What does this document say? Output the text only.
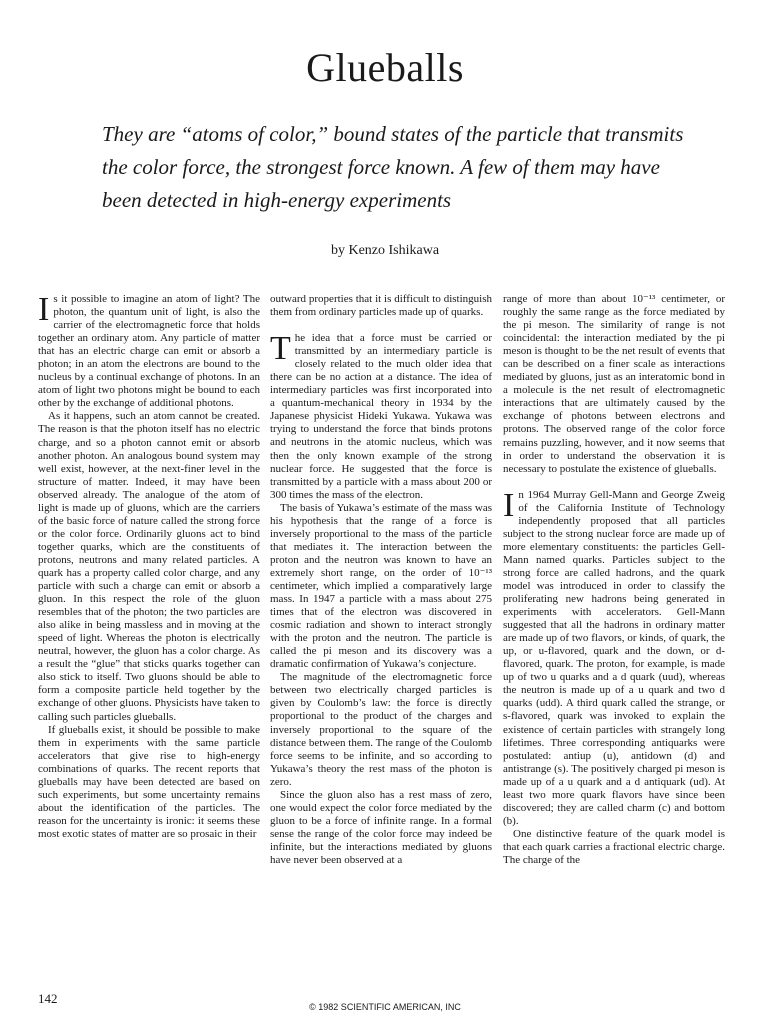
Glueballs

They are “atoms of color,” bound states of the particle that transmits the color force, the strongest force known. A few of them may have been detected in high-energy experiments

by Kenzo Ishikawa

Is it possible to imagine an atom of light? The photon, the quantum unit of light, is also the carrier of the electromagnetic force that holds together an ordinary atom. Any particle of matter that has an electric charge can emit or absorb a photon; in an atom the electrons are bound to the nucleus by a continual exchange of photons. In an atom of light two photons might be bound to each other by the exchange of additional photons.

As it happens, such an atom cannot be created. The reason is that the photon itself has no electric charge, and so a photon cannot emit or absorb another photon. An analogous bound system may well exist, however, at the next-finer level in the structure of matter. Indeed, it may have been observed already. The analogue of the atom of light is made up of gluons, which are the carriers of the basic force of nature called the strong force or the color force. Ordinarily gluons act to bind together quarks, which are the constituents of protons, neutrons and many related particles. A quark has a property called color charge, and any particle with such a charge can emit or absorb a gluon. In this respect the role of the gluon resembles that of the photon; the two particles are also alike in being massless and in moving at the speed of light. Whereas the photon is electrically neutral, however, the gluon has a color charge. As a result the “glue” that sticks quarks together can also stick to itself. Two gluons should be able to form a composite particle held together by the exchange of other gluons. Physicists have taken to calling such particles glueballs.

If glueballs exist, it should be possible to make them in experiments with the same particle accelerators that give rise to high-energy combinations of quarks. The recent reports that glueballs may have been detected are based on such experiments, but some uncertainty remains about the identification of the particles. The reason for the uncertainty is ironic: it seems these most exotic states of matter are so prosaic in their

outward properties that it is difficult to distinguish them from ordinary particles made up of quarks.

The idea that a force must be carried or transmitted by an intermediary particle is closely related to the much older idea that there can be no action at a distance. The idea of intermediary particles was first incorporated into a quantum-mechanical theory in 1934 by the Japanese physicist Hideki Yukawa. Yukawa was trying to understand the force that binds protons and neutrons in the atomic nucleus, which was then the only known example of the strong nuclear force. He suggested that the force is transmitted by a particle with a mass about 200 or 300 times the mass of the electron.

The basis of Yukawa’s estimate of the mass was his hypothesis that the range of a force is inversely proportional to the mass of the particle that mediates it. The interaction between the proton and the neutron was known to have an extremely short range, on the order of 10⁻¹³ centimeter, which implied a comparatively large mass. In 1947 a particle with a mass about 275 times that of the electron was discovered in cosmic radiation and shown to interact strongly with the proton and the neutron. The particle is called the pi meson and its discovery was a dramatic confirmation of Yukawa’s conjecture.

The magnitude of the electromagnetic force between two electrically charged particles is given by Coulomb’s law: the force is directly proportional to the product of the charges and inversely proportional to the square of the distance between them. The range of the Coulomb force seems to be infinite, and so according to Yukawa’s theory the rest mass of the photon is zero.

Since the gluon also has a rest mass of zero, one would expect the color force mediated by the gluon to be a force of infinite range. In a formal sense the range of the color force may indeed be infinite, but the interactions mediated by gluons have never been observed at a

range of more than about 10⁻¹³ centimeter, or roughly the same range as the force mediated by the pi meson. The similarity of range is not coincidental: the interaction mediated by the pi meson is thought to be the net result of events that can be described on a finer scale as interactions mediated by gluons, just as an interatomic bond in a molecule is the net result of electromagnetic interactions that are ultimately caused by the exchange of photons between electrons and protons. The observed range of the color force remains puzzling, however, and it now seems that in order to understand the observation it is necessary to postulate the existence of glueballs.

In 1964 Murray Gell-Mann and George Zweig of the California Institute of Technology independently proposed that all particles subject to the strong nuclear force are made up of more elementary constituents: the particles Gell-Mann named quarks. Particles subject to the strong force are called hadrons, and the quark model was introduced in order to classify the proliferating new hadrons being generated in experiments with accelerators. Gell-Mann suggested that all the hadrons in ordinary matter are made up of two flavors, or kinds, of quark, the up, or u-flavored, quark and the down, or d-flavored, quark. The proton, for example, is made up of two u quarks and a d quark (uud), whereas the neutron is made up of a u quark and two d quarks (udd). A third quark called the strange, or s-flavored, quark was invoked to explain the existence of certain particles with strangely long lifetimes. Three corresponding antiquarks were postulated: antiup (u), antidown (d) and antistrange (s). The positively charged pi meson is made up of a u quark and a d antiquark (ud). At least two more quark flavors have since been discovered; they are called charm (c) and bottom (b).

One distinctive feature of the quark model is that each quark carries a fractional electric charge. The charge of the

142
© 1982 SCIENTIFIC AMERICAN, INC
